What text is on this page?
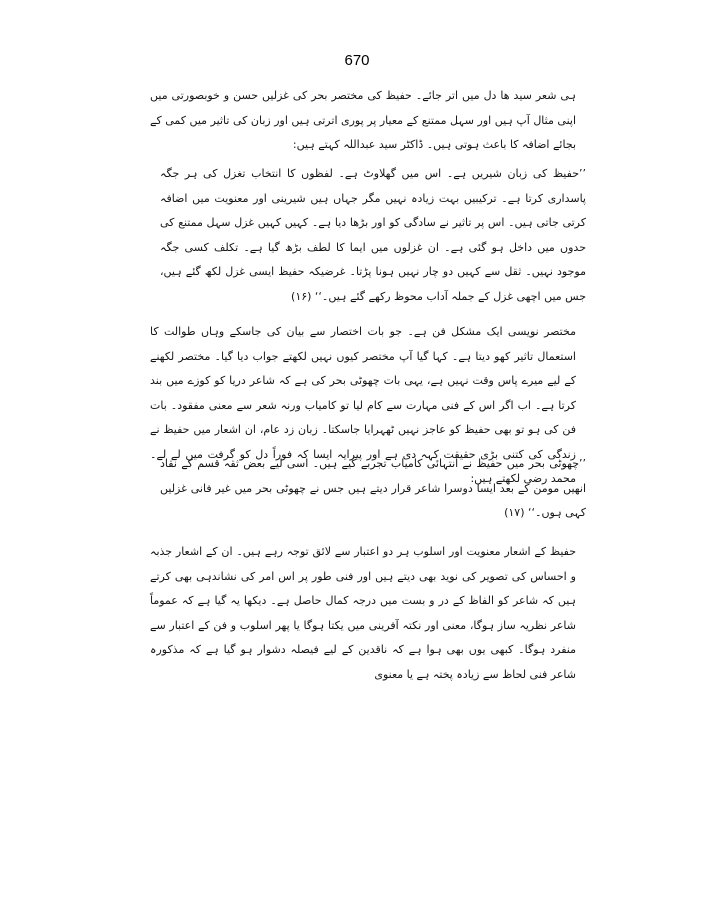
670

ہی شعر سید ھا دل میں اتر جائے۔ حفیظ کی مختصر بحر کی غزلیں حسن و خوبصورتی میں اپنی مثال آپ ہیں اور سہل ممتنع کے معیار پر پوری اترتی ہیں اور زبان کی تاثیر میں کمی کے بجائے اضافہ کا باعث ہوتی ہیں۔ ڈاکٹر سید عبداللہ کہتے ہیں:

’’حفیظ کی زبان شیریں ہے۔ اس میں گھلاوٹ ہے۔ لفظوں کا انتخاب تغزل کی ہر جگہ پاسداری کرتا ہے۔ ترکیبیں بہت زیادہ نہیں مگر جہاں ہیں شیرینی اور معنویت میں اضافہ کرتی جاتی ہیں۔ اس پر تاثیر نے سادگی کو اور بڑھا دیا ہے۔ کہیں کہیں غزل سہل ممتنع کی حدوں میں داخل ہو گئی ہے۔ ان غزلوں میں ایما کا لطف بڑھ گیا ہے۔ تکلف کسی جگہ موجود نہیں۔ ثقل سے کہیں دو چار نہیں ہونا پڑتا۔ غرضیکہ حفیظ ایسی غزل لکھ گئے ہیں، جس میں اچھی غزل کے جملہ آداب محوظ رکھے گئے ہیں۔‘‘ (۱۶)

مختصر نویسی ایک مشکل فن ہے۔ جو بات اختصار سے بیان کی جاسکے وہاں طوالت کا استعمال تاثیر کھو دیتا ہے۔ کہا گیا آپ مختصر کیوں نہیں لکھتے جواب دیا گیا۔ مختصر لکھنے کے لیے میرے پاس وقت نہیں ہے، یہی بات چھوٹی بحر کی ہے کہ شاعر دریا کو کوزے میں بند کرتا ہے۔ اب اگر اس کے فنی مہارت سے کام لیا تو کامیاب ورنہ شعر سے معنی مفقود۔ بات فن کی ہو تو بھی حفیظ کو عاجز نہیں ٹھہرایا جاسکتا۔ زبان زد عام، ان اشعار میں حفیظ نے زندگی کی کتنی بڑی حقیقت کہہ دی ہے اور پیرایہ ایسا کہ فوراً دل کو گرفت میں لے لے۔ محمد رضی لکھتے ہیں:

’’چھوٹی بحر میں حفیظ نے انتہائی کامیاب تجربے کیے ہیں۔ اسی لیے بعض ثقہ قسم کے نقاد انھیں مومن کے بعد ایسا دوسرا شاعر قرار دیتے ہیں جس نے چھوٹی بحر میں غیر فانی غزلیں کہی ہوں۔‘‘ (۱۷)

حفیظ کے اشعار معنویت اور اسلوب ہر دو اعتبار سے لائق توجہ رہے ہیں۔ ان کے اشعار جذبہ و احساس کی تصویر کی نوید بھی دیتے ہیں اور فنی طور پر اس امر کی نشاندہی بھی کرتے ہیں کہ شاعر کو الفاظ کے در و بست میں درجہ کمال حاصل ہے۔ دیکھا یہ گیا ہے کہ عموماً شاعر نظریہ ساز ہوگا، معنی اور نکتہ آفرینی میں یکتا ہوگا یا پھر اسلوب و فن کے اعتبار سے منفرد ہوگا۔ کبھی یوں بھی ہوا ہے کہ ناقدین کے لیے فیصلہ دشوار ہو گیا ہے کہ مذکورہ شاعر فنی لحاظ سے زیادہ پختہ ہے یا معنوی
